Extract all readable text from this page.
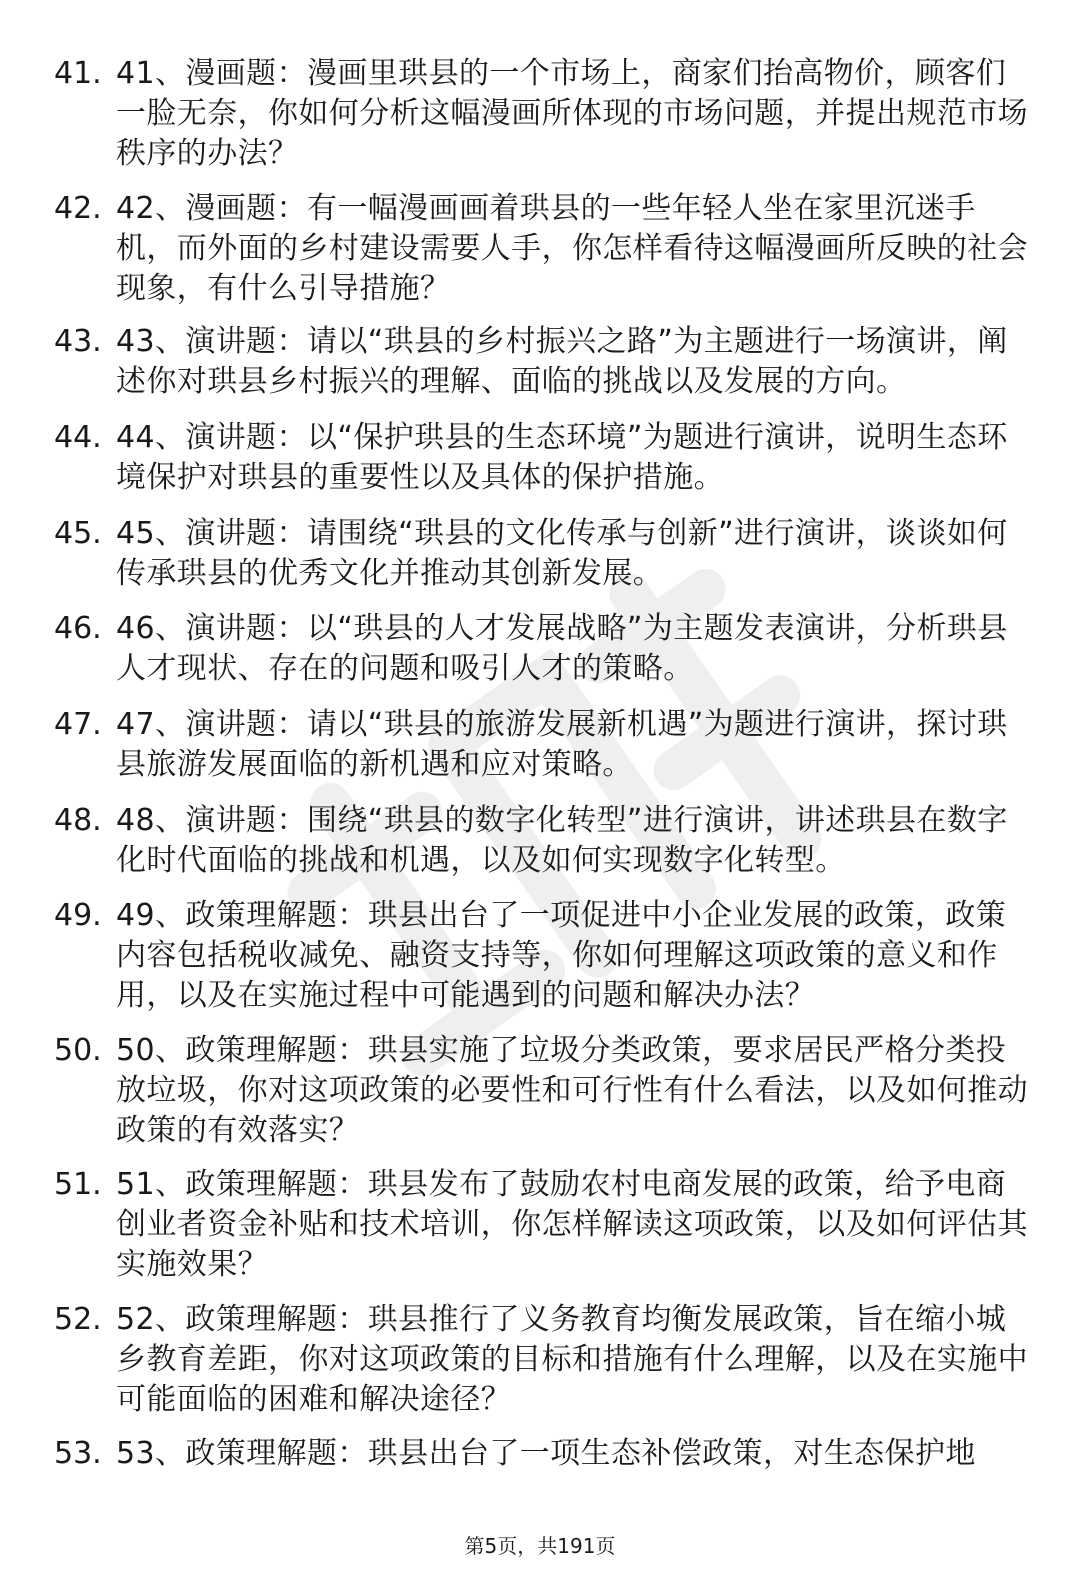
41. 41、漫画题：漫画里珙县的一个市场上，商家们抬高物价，顾客们一脸无奈，你如何分析这幅漫画所体现的市场问题，并提出规范市场秩序的办法？
42. 42、漫画题：有一幅漫画画着珙县的一些年轻人坐在家里沉迷手机，而外面的乡村建设需要人手，你怎样看待这幅漫画所反映的社会现象，有什么引导措施？
43. 43、演讲题：请以“珙县的乡村振兴之路”为主题进行一场演讲，阐述你对珙县乡村振兴的理解、面临的挑战以及发展的方向。
44. 44、演讲题：以“保护珙县的生态环境”为题进行演讲，说明生态环境保护对珙县的重要性以及具体的保护措施。
45. 45、演讲题：请围绕“珙县的文化传承与创新”进行演讲，谈谈如何传承珙县的优秀文化并推动其创新发展。
46. 46、演讲题：以“珙县的人才发展战略”为主题发表演讲，分析珙县人才现状、存在的问题和吸引人才的策略。
47. 47、演讲题：请以“珙县的旅游发展新机遇”为题进行演讲，探讨珙县旅游发展面临的新机遇和应对策略。
48. 48、演讲题：围绕“珙县的数字化转型”进行演讲，讲述珙县在数字化时代面临的挑战和机遇，以及如何实现数字化转型。
49. 49、政策理解题：珙县出台了一项促进中小企业发展的政策，政策内容包括税收减免、融资支持等，你如何理解这项政策的意义和作用，以及在实施过程中可能遇到的问题和解决办法？
50. 50、政策理解题：珙县实施了垃圾分类政策，要求居民严格分类投放垃圾，你对这项政策的必要性和可行性有什么看法，以及如何推动政策的有效落实？
51. 51、政策理解题：珙县发布了鼓励农村电商发展的政策，给予电商创业者资金补贴和技术培训，你怎样解读这项政策，以及如何评估其实施效果？
52. 52、政策理解题：珙县推行了义务教育均衡发展政策，旨在缩小城乡教育差距，你对这项政策的目标和措施有什么理解，以及在实施中可能面临的困难和解决途径？
53. 53、政策理解题：珙县出台了一项生态补偿政策，对生态保护地
第5页，共191页
